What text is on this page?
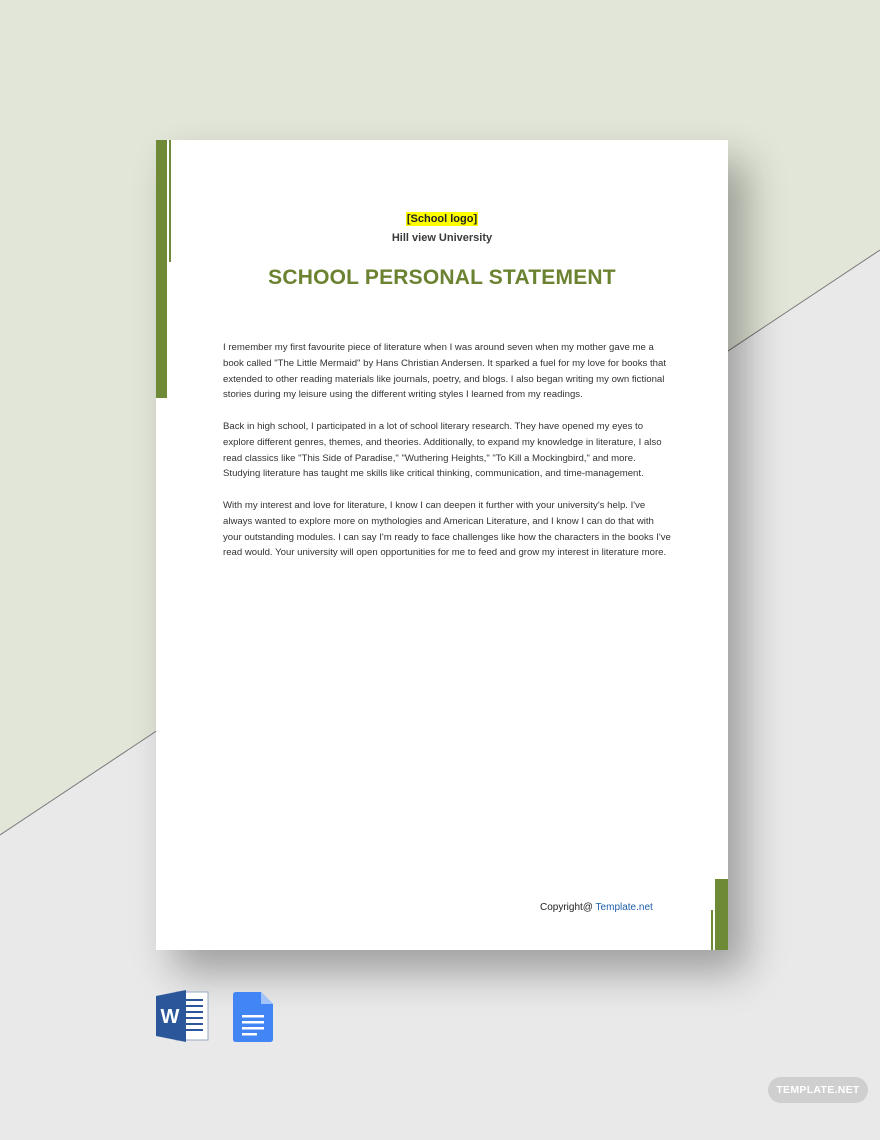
[School logo]
Hill view University
SCHOOL PERSONAL STATEMENT

I remember my first favourite piece of literature when I was around seven when my mother gave me a book called "The Little Mermaid" by Hans Christian Andersen. It sparked a fuel for my love for books that extended to other reading materials like journals, poetry, and blogs. I also began writing my own fictional stories during my leisure using the different writing styles I learned from my readings.

Back in high school, I participated in a lot of school literary research. They have opened my eyes to explore different genres, themes, and theories. Additionally, to expand my knowledge in literature, I also read classics like "This Side of Paradise," "Wuthering Heights," "To Kill a Mockingbird," and more. Studying literature has taught me skills like critical thinking, communication, and time-management.

With my interest and love for literature, I know I can deepen it further with your university's help. I've always wanted to explore more on mythologies and American Literature, and I know I can do that with your outstanding modules. I can say I'm ready to face challenges like how the characters in the books I've read would. Your university will open opportunities for me to feed and grow my interest in literature more.

Copyright@ Template.net
W
TEMPLATE.NET
